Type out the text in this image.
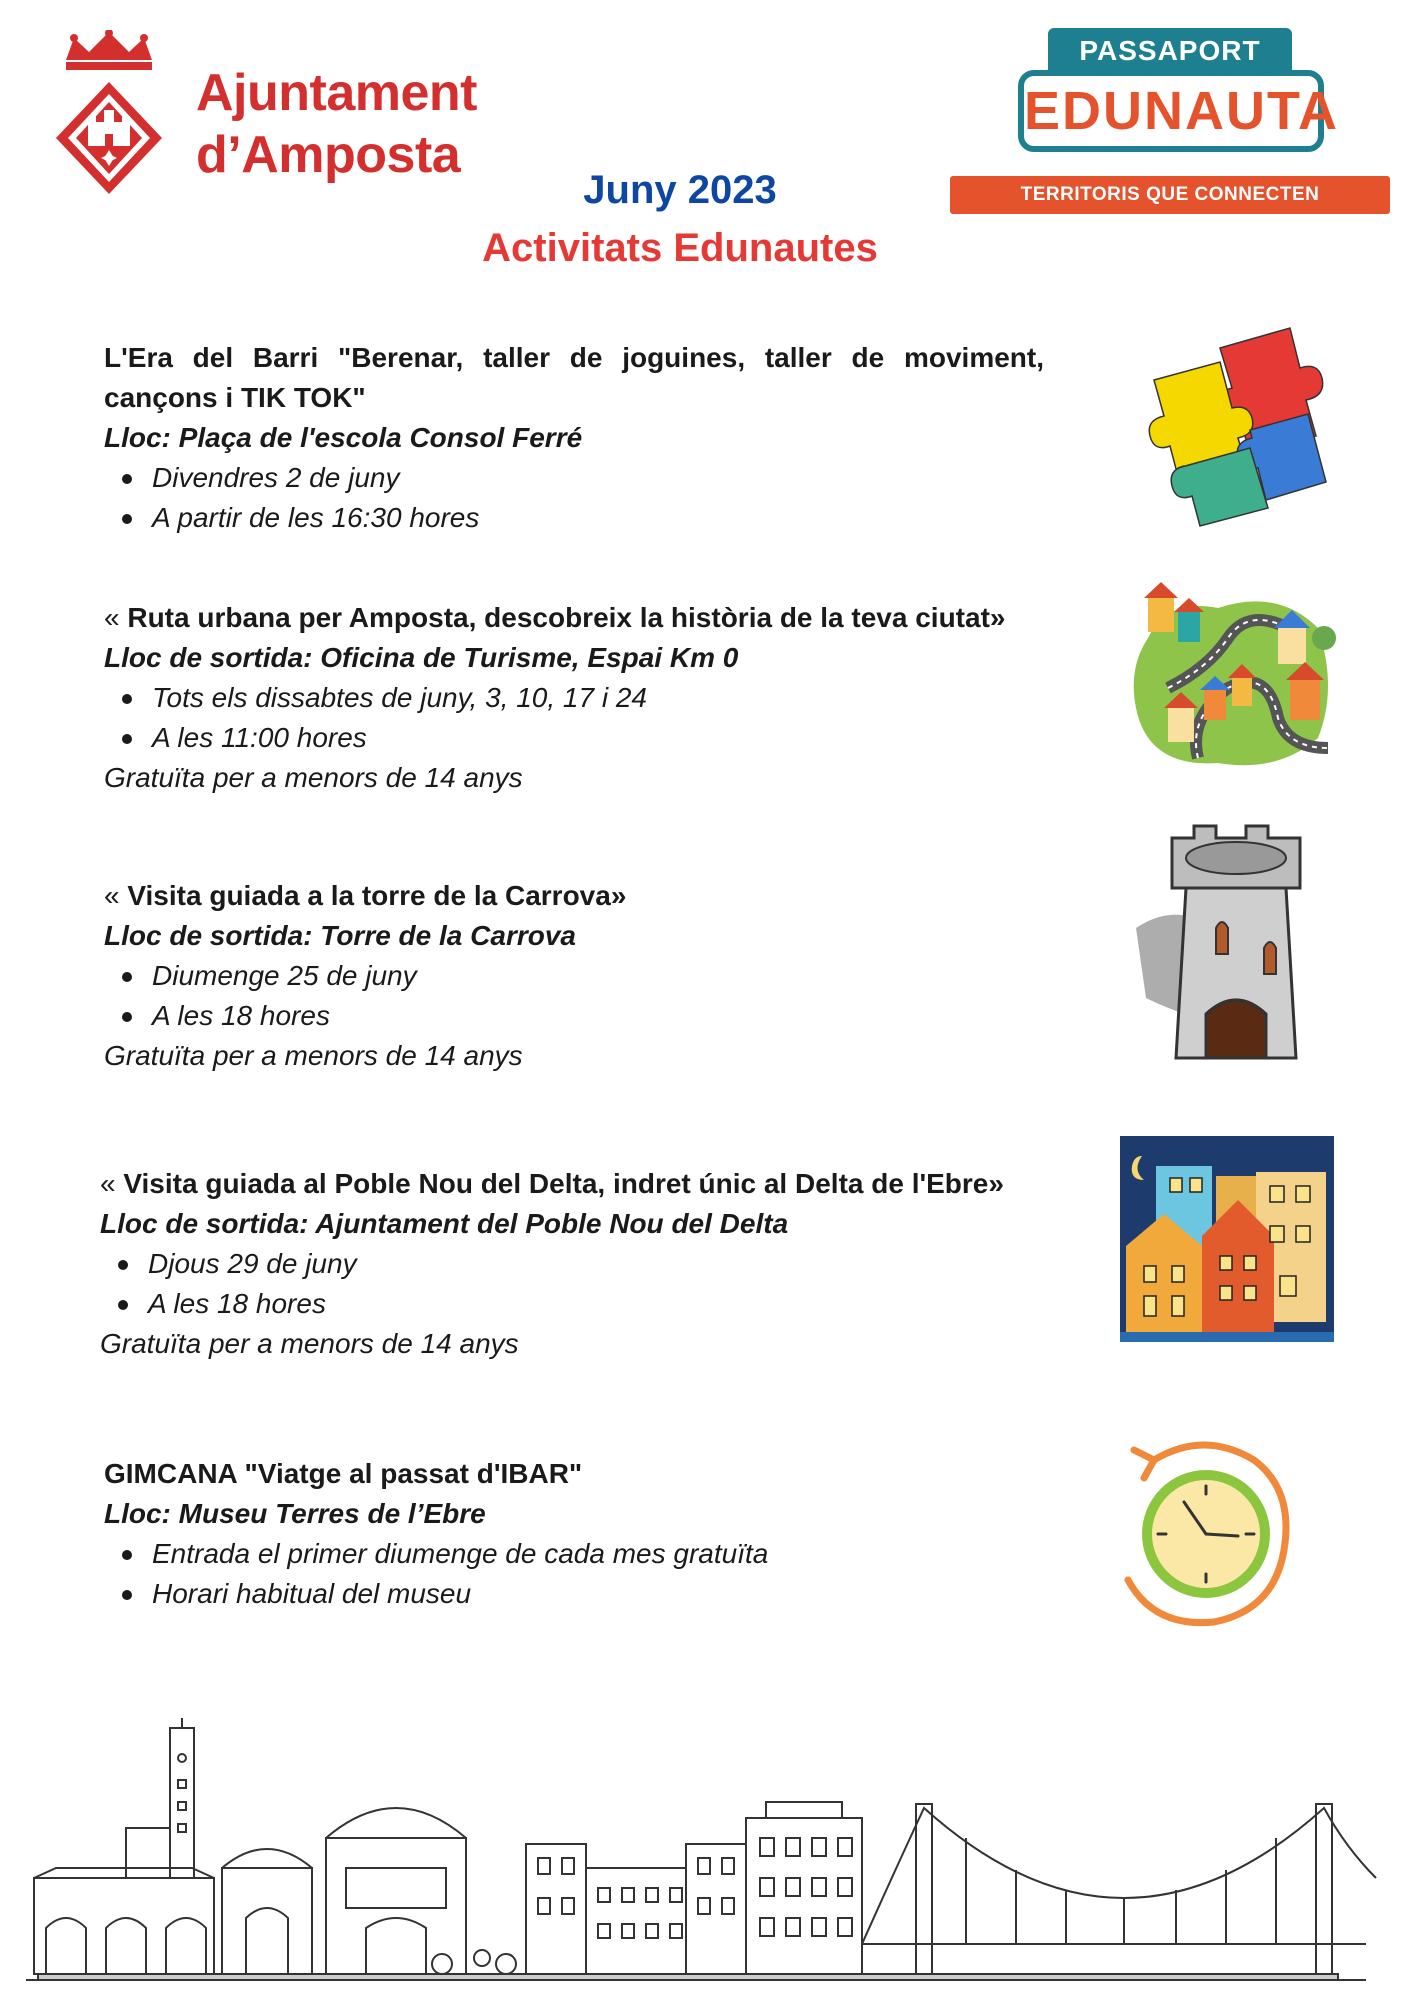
Ajuntament
d’Amposta
PASSAPORT
EDUNAUTA
TERRITORIS QUE CONNECTEN OPORTUNITATS
Juny 2023
Activitats Edunautes
L'Era del Barri "Berenar, taller de joguines, taller de moviment, cançons i TIK TOK"
Lloc: Plaça de l'escola Consol Ferré
Divendres 2 de juny
A partir de les 16:30 hores
« Ruta urbana per Amposta, descobreix la història de la teva ciutat»
Lloc de sortida: Oficina de Turisme, Espai Km 0
Tots els dissabtes de juny, 3, 10, 17 i 24
A les 11:00 hores
Gratuïta per a menors de 14 anys
« Visita guiada a la torre de la Carrova»
Lloc de sortida: Torre de la Carrova
Diumenge 25 de juny
A les 18 hores
Gratuïta per a menors de 14 anys
« Visita guiada al Poble Nou del Delta, indret únic al Delta de l'Ebre»
Lloc de sortida: Ajuntament del Poble Nou del Delta
Djous 29 de juny
A les 18 hores
Gratuïta per a menors de 14 anys
GIMCANA "Viatge al passat d'IBAR"
Lloc: Museu Terres de l’Ebre
Entrada el primer diumenge de cada mes gratuïta
Horari habitual del museu
